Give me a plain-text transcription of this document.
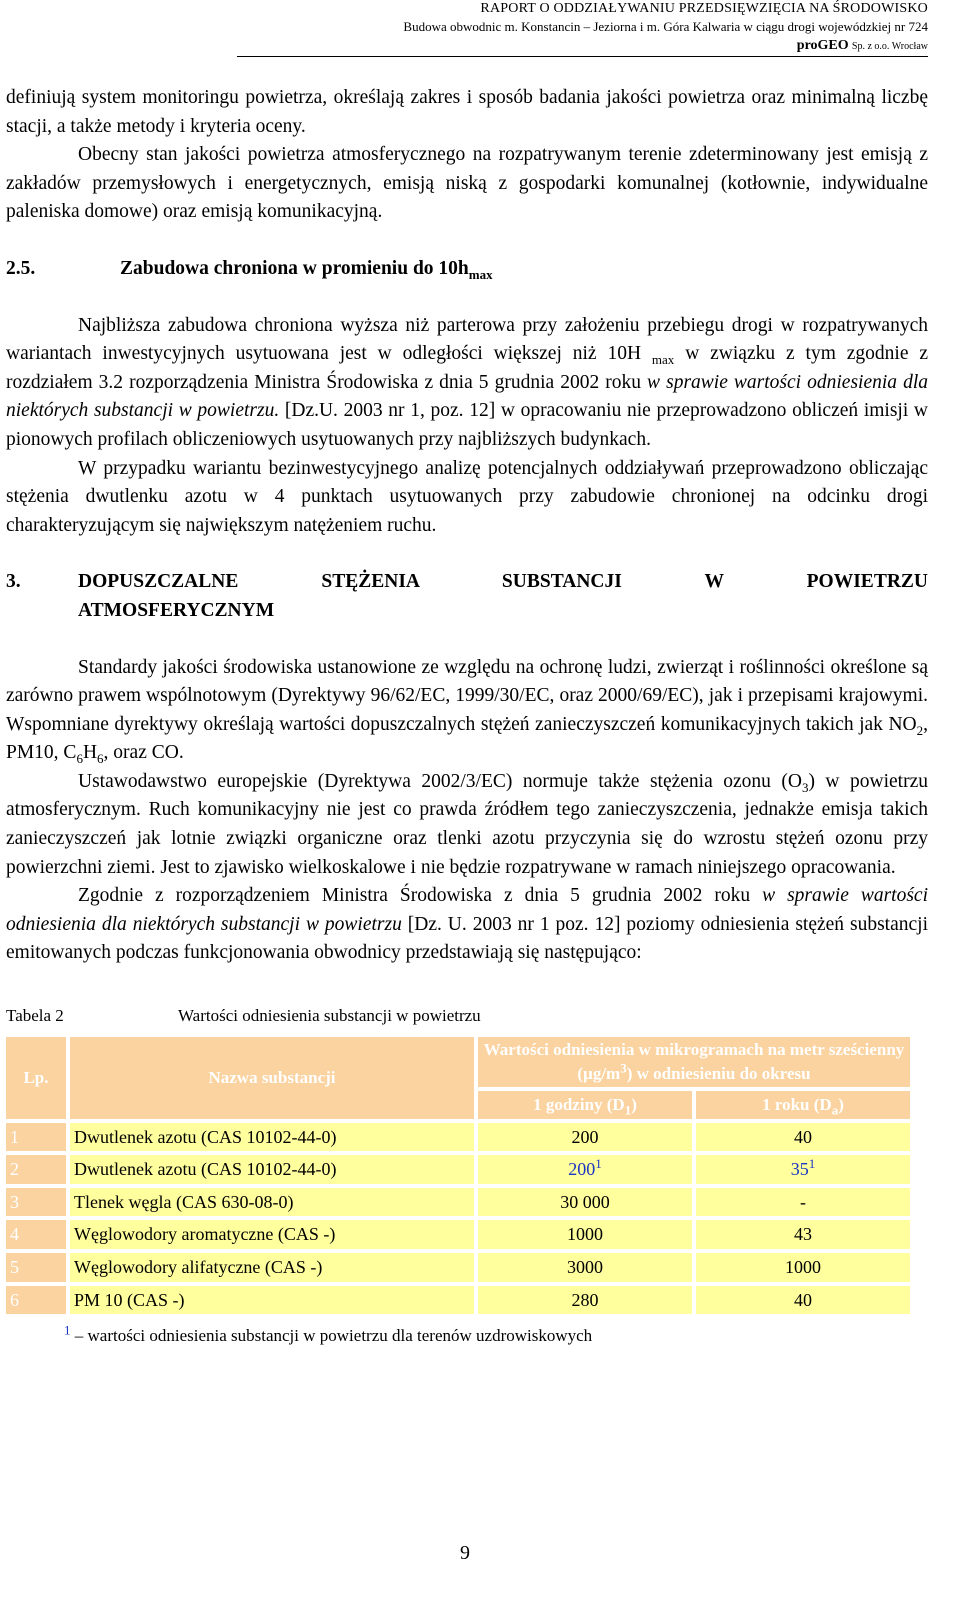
RAPORT O ODDZIAŁYWANIU PRZEDSIĘWZIĘCIA NA ŚRODOWISKO
Budowa obwodnic m. Konstancin – Jeziorna i m. Góra Kalwaria w ciągu drogi wojewódzkiej nr 724
proGEO Sp. z o.o. Wrocław

definiują system monitoringu powietrza, określają zakres i sposób badania jakości powietrza oraz minimalną liczbę stacji, a także metody i kryteria oceny.

Obecny stan jakości powietrza atmosferycznego na rozpatrywanym terenie zdeterminowany jest emisją z zakładów przemysłowych i energetycznych, emisją niską z gospodarki komunalnej (kotłownie, indywidualne paleniska domowe) oraz emisją komunikacyjną.

2.5.	Zabudowa chroniona w promieniu do $10h_{max}$

Najbliższa zabudowa chroniona wyższa niż parterowa przy założeniu przebiegu drogi w rozpatrywanych wariantach inwestycyjnych usytuowana jest w odległości większej niż 10H $_{max}$ w związku z tym zgodnie z rozdziałem 3.2 rozporządzenia Ministra Środowiska z dnia 5 grudnia 2002 roku w sprawie wartości odniesienia dla niektórych substancji w powietrzu. [Dz.U. 2003 nr 1, poz. 12] w opracowaniu nie przeprowadzono obliczeń imisji w pionowych profilach obliczeniowych usytuowanych przy najbliższych budynkach.

W przypadku wariantu bezinwestycyjnego analizę potencjalnych oddziaływań przeprowadzono obliczając stężenia dwutlenku azotu w 4 punktach usytuowanych przy zabudowie chronionej na odcinku drogi charakteryzującym się największym natężeniem ruchu.

3.	DOPUSZCZALNE STĘŻENIA SUBSTANCJI W POWIETRZU
ATMOSFERYCZNYM

Standardy jakości środowiska ustanowione ze względu na ochronę ludzi, zwierząt i roślinności określone są zarówno prawem wspólnotowym (Dyrektywy 96/62/EC, 1999/30/EC, oraz 2000/69/EC), jak i przepisami krajowymi. Wspomniane dyrektywy określają wartości dopuszczalnych stężeń zanieczyszczeń komunikacyjnych takich jak $NO_2$, PM10, $C_6H_6$, oraz CO.

Ustawodawstwo europejskie (Dyrektywa 2002/3/EC) normuje także stężenia ozonu $(O_3)$ w powietrzu atmosferycznym. Ruch komunikacyjny nie jest co prawda źródłem tego zanieczyszczenia, jednakże emisja takich zanieczyszczeń jak lotnie związki organiczne oraz tlenki azotu przyczynia się do wzrostu stężeń ozonu przy powierzchni ziemi. Jest to zjawisko wielkoskalowe i nie będzie rozpatrywane w ramach niniejszego opracowania.

Zgodnie z rozporządzeniem Ministra Środowiska z dnia 5 grudnia 2002 roku w sprawie wartości odniesienia dla niektórych substancji w powietrzu [Dz. U. 2003 nr 1 poz. 12] poziomy odniesienia stężeń substancji emitowanych podczas funkcjonowania obwodnicy przedstawiają się następująco:

Tabela 2	Wartości odniesienia substancji w powietrzu
Lp.	Nazwa substancji	Wartości odniesienia w mikrogramach na metr sześcienny $(\mu g/m^3)$ w odniesieniu do okresu	
		1 godziny $(D_1)$	1 roku $(D_a)$
1	Dwutlenek azotu (CAS 10102-44-0)	200	40
2	Dwutlenek azotu (CAS 10102-44-0)	$200^1$	$35^1$
3	Tlenek węgla (CAS 630-08-0)	30 000	-
4	Węglowodory aromatyczne (CAS -)	1000	43
5	Węglowodory alifatyczne (CAS -)	3000	1000
6	PM 10 (CAS -)	280	40
$^1$ – wartości odniesienia substancji w powietrzu dla terenów uzdrowiskowych
9
